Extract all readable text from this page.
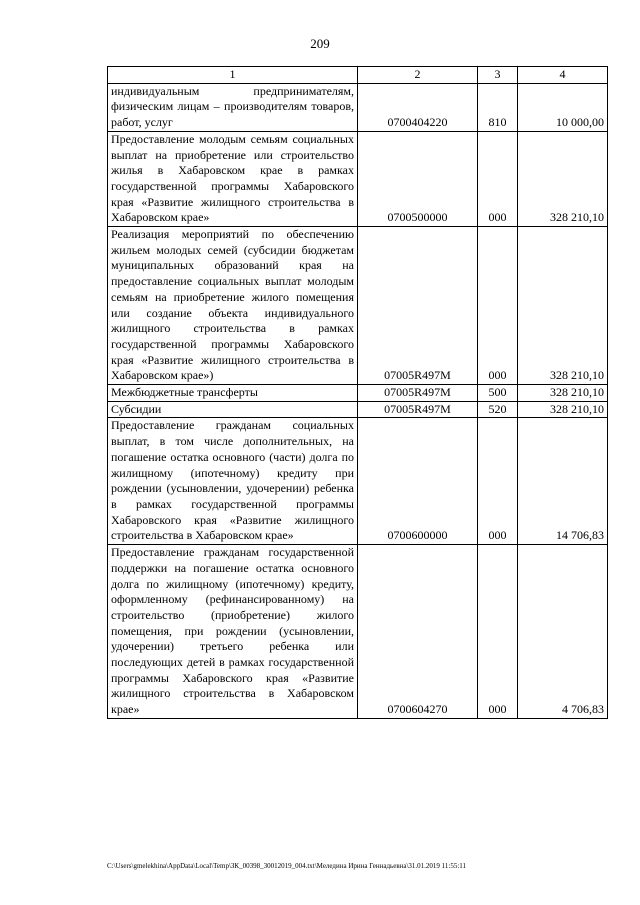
209
1	2	3	4
индивидуальным предпринимателям, физическим лицам – производителям товаров, работ, услуг	0700404220	810	10 000,00
Предоставление молодым семьям социальных выплат на приобретение или строительство жилья в Хабаровском крае в рамках государственной программы Хабаровского края «Развитие жилищного строительства в Хабаровском крае»	0700500000	000	328 210,10
Реализация мероприятий по обеспечению жильем молодых семей (субсидии бюджетам муниципальных образований края на предоставление социальных выплат молодым семьям на приобретение жилого помещения или создание объекта индивидуального жилищного строительства в рамках государственной программы Хабаровского края «Развитие жилищного строительства в Хабаровском крае»)	07005R497M	000	328 210,10
Межбюджетные трансферты	07005R497M	500	328 210,10
Субсидии	07005R497M	520	328 210,10
Предоставление гражданам социальных выплат, в том числе дополнительных, на погашение остатка основного (части) долга по жилищному (ипотечному) кредиту при рождении (усыновлении, удочерении) ребенка в рамках государственной программы Хабаровского края «Развитие жилищного строительства в Хабаровском крае»	0700600000	000	14 706,83
Предоставление гражданам государственной поддержки на погашение остатка основного долга по жилищному (ипотечному) кредиту, оформленному (рефинансированному) на строительство (приобретение) жилого помещения, при рождении (усыновлении, удочерении) третьего ребенка или последующих детей в рамках государственной программы Хабаровского края «Развитие жилищного строительства в Хабаровском крае»	0700604270	000	4 706,83
C:\Users\gmelekhina\AppData\Local\Temp\ЗК_00398_30012019_004.txt\Меледина Ирина Геннадьевна\31.01.2019 11:55:11
